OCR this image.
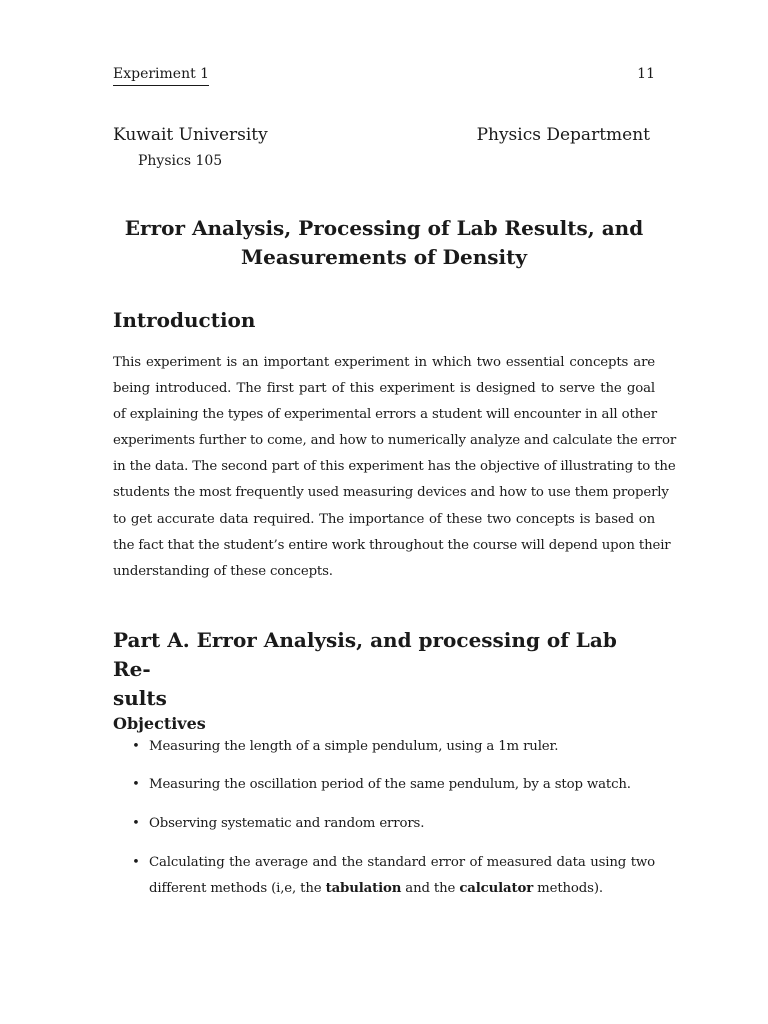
Experiment 1	11
Kuwait University	Physics Department
Physics 105
Error Analysis, Processing of Lab Results, and
Measurements of Density
Introduction

This experiment is an important experiment in which two essential concepts are
being introduced. The first part of this experiment is designed to serve the goal
of explaining the types of experimental errors a student will encounter in all other
experiments further to come, and how to numerically analyze and calculate the error
in the data. The second part of this experiment has the objective of illustrating to the
students the most frequently used measuring devices and how to use them properly
to get accurate data required. The importance of these two concepts is based on
the fact that the student’s entire work throughout the course will depend upon their
understanding of these concepts.

Part A. Error Analysis, and processing of Lab Re-
sults
Objectives
• Measuring the length of a simple pendulum, using a 1m ruler.
• Measuring the oscillation period of the same pendulum, by a stop watch.
• Observing systematic and random errors.
• Calculating the average and the standard error of measured data using two
different methods (i,e, the tabulation and the calculator methods).
